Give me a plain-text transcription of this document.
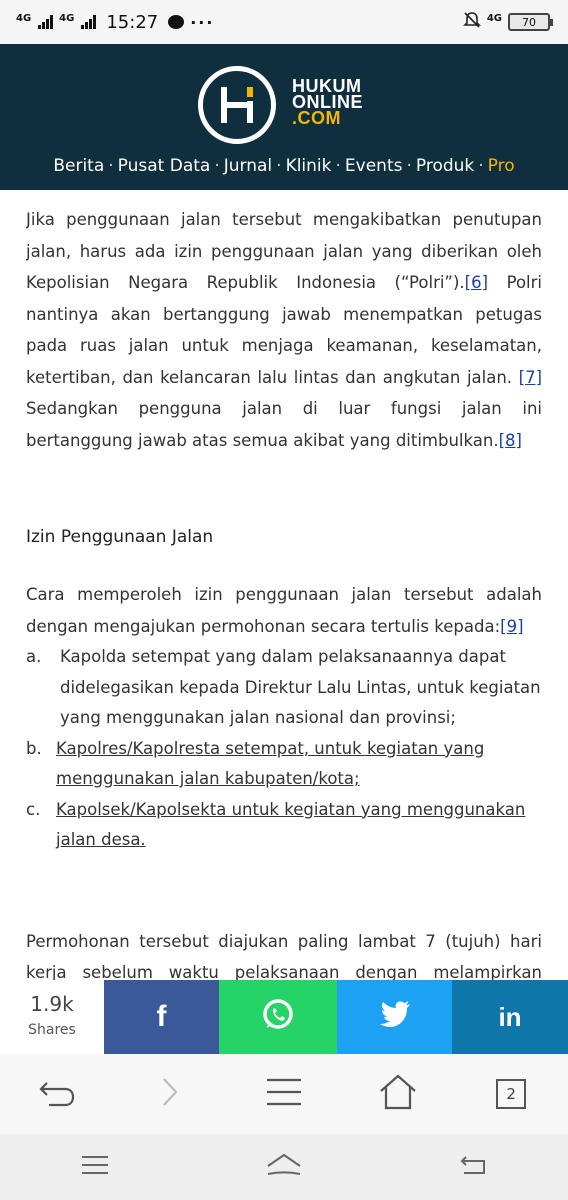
4G	4G 15:27 ···	4G 70
HUKUM
ONLINE
.COM
Berita · Pusat Data · Jurnal · Klinik · Events · Produk · Pro

Jika penggunaan jalan tersebut mengakibatkan penutupan jalan, harus ada izin penggunaan jalan yang diberikan oleh Kepolisian Negara Republik Indonesia (“Polri”).[6] Polri nantinya akan bertanggung jawab menempatkan petugas pada ruas jalan untuk menjaga keamanan, keselamatan, ketertiban, dan kelancaran lalu lintas dan angkutan jalan. [7] Sedangkan pengguna jalan di luar fungsi jalan ini bertanggung jawab atas semua akibat yang ditimbulkan.[8]

Izin Penggunaan Jalan

Cara memperoleh izin penggunaan jalan tersebut adalah dengan mengajukan permohonan secara tertulis kepada:[9]

a. Kapolda setempat yang dalam pelaksanaannya dapat didelegasikan kepada Direktur Lalu Lintas, untuk kegiatan yang menggunakan jalan nasional dan provinsi;
b. Kapolres/Kapolresta setempat, untuk kegiatan yang menggunakan jalan kabupaten/kota;
c. Kapolsek/Kapolsekta untuk kegiatan yang menggunakan jalan desa.

Permohonan tersebut diajukan paling lambat 7 (tujuh) hari kerja sebelum waktu pelaksanaan dengan melampirkan

1.9k
Shares	f	in
2
